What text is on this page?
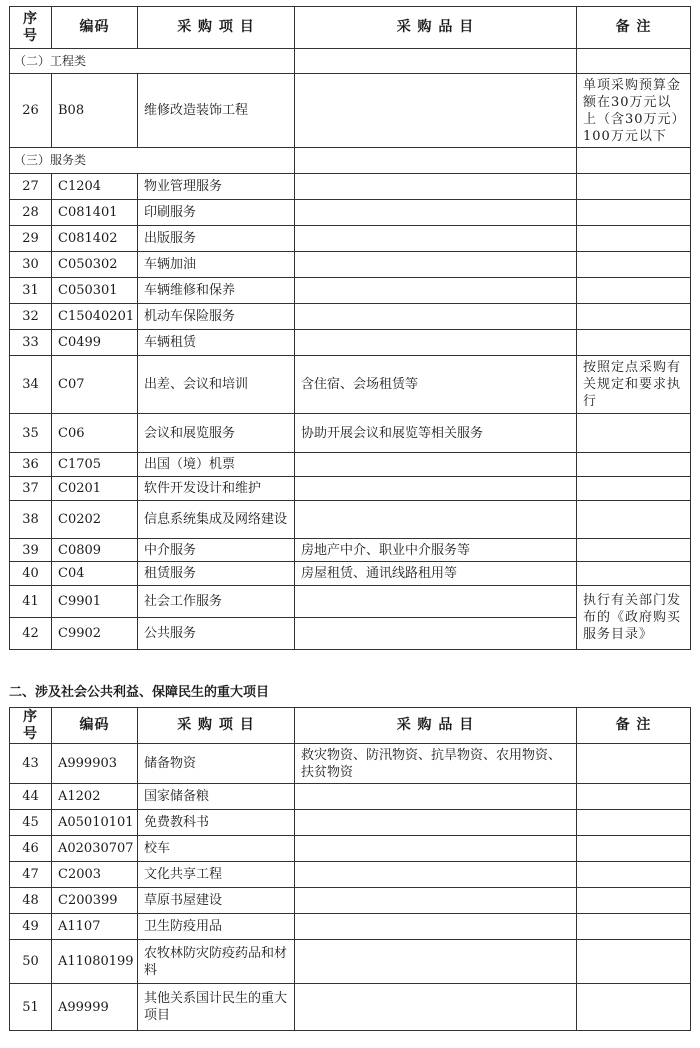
序号	编码	采 购 项 目	采 购 品 目	备 注
（二）工程类				
26	B08	维修改造装饰工程		单项采购预算金额在30万元以上（含30万元）100万元以下
（三）服务类				
27	C1204	物业管理服务		
28	C081401	印刷服务		
29	C081402	出版服务		
30	C050302	车辆加油		
31	C050301	车辆维修和保养		
32	C15040201	机动车保险服务		
33	C0499	车辆租赁		
34	C07	出差、会议和培训	含住宿、会场租赁等	按照定点采购有关规定和要求执行
35	C06	会议和展览服务	协助开展会议和展览等相关服务	
36	C1705	出国（境）机票		
37	C0201	软件开发设计和维护		
38	C0202	信息系统集成及网络建设		
39	C0809	中介服务	房地产中介、职业中介服务等	
40	C04	租赁服务	房屋租赁、通讯线路租用等	
41	C9901	社会工作服务		执行有关部门发布的《政府购买服务目录》
42	C9902	公共服务		
二、涉及社会公共利益、保障民生的重大项目
序号	编码	采 购 项 目	采 购 品 目	备 注
43	A999903	储备物资	救灾物资、防汛物资、抗旱物资、农用物资、扶贫物资	
44	A1202	国家储备粮		
45	A05010101	免费教科书		
46	A02030707	校车		
47	C2003	文化共享工程		
48	C200399	草原书屋建设		
49	A1107	卫生防疫用品		
50	A11080199	农牧林防灾防疫药品和材料		
51	A99999	其他关系国计民生的重大项目		
